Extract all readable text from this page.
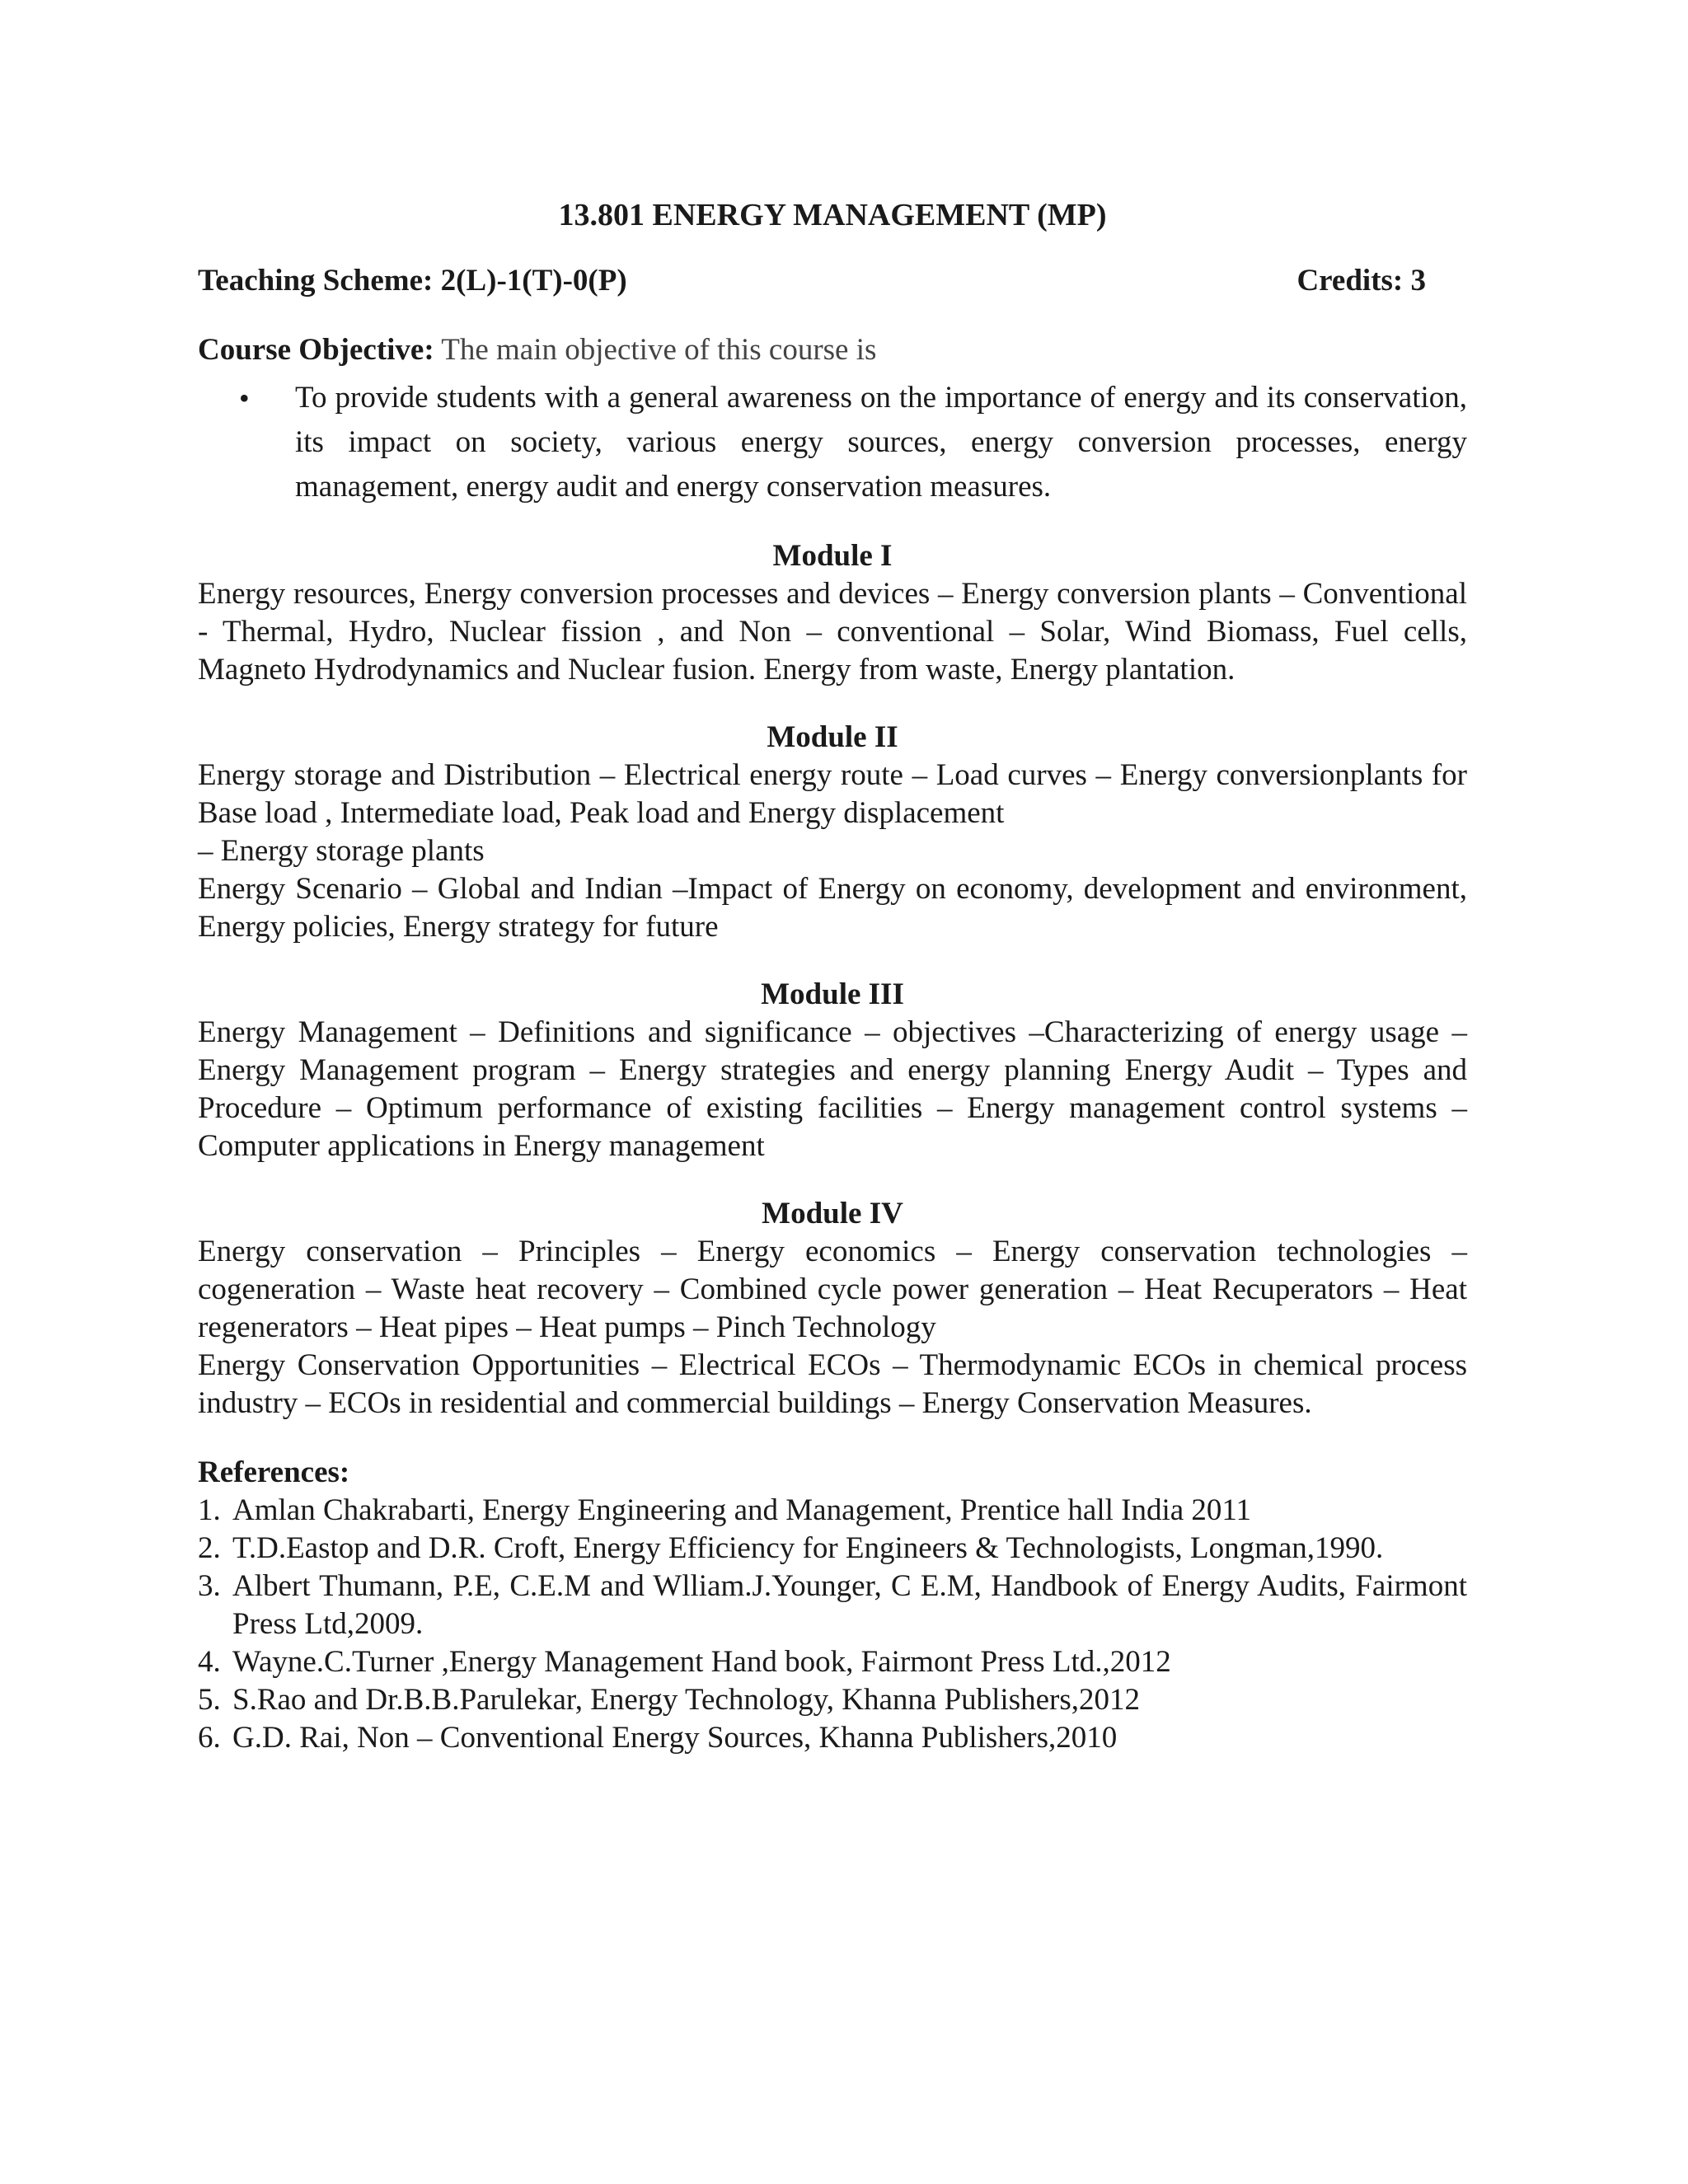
13.801 ENERGY MANAGEMENT (MP)
Teaching Scheme: 2(L)-1(T)-0(P)	Credits: 3

Course Objective: The main objective of this course is

• To provide students with a general awareness on the importance of energy and its conservation, its impact on society, various energy sources, energy conversion processes, energy management, energy audit and energy conservation measures.
Module I

Energy resources, Energy conversion processes and devices – Energy conversion plants – Conventional - Thermal, Hydro, Nuclear fission , and Non – conventional – Solar, Wind Biomass, Fuel cells, Magneto Hydrodynamics and Nuclear fusion. Energy from waste, Energy plantation.

Module II

Energy storage and Distribution – Electrical energy route – Load curves – Energy conversionplants for Base load , Intermediate load, Peak load and Energy displacement

– Energy storage plants

Energy Scenario – Global and Indian –Impact of Energy on economy, development and environment, Energy policies, Energy strategy for future

Module III

Energy Management – Definitions and significance – objectives –Characterizing of energy usage – Energy Management program – Energy strategies and energy planning Energy Audit – Types and Procedure – Optimum performance of existing facilities – Energy management control systems – Computer applications in Energy management

Module IV

Energy conservation – Principles – Energy economics – Energy conservation technologies – cogeneration – Waste heat recovery – Combined cycle power generation – Heat Recuperators – Heat regenerators – Heat pipes – Heat pumps – Pinch Technology

Energy Conservation Opportunities – Electrical ECOs – Thermodynamic ECOs in chemical process industry – ECOs in residential and commercial buildings – Energy Conservation Measures.

References:
1. Amlan Chakrabarti, Energy Engineering and Management, Prentice hall India 2011
2. T.D.Eastop and D.R. Croft, Energy Efficiency for Engineers & Technologists, Longman,1990.
3. Albert Thumann, P.E, C.E.M and Wlliam.J.Younger, C E.M, Handbook of Energy Audits, Fairmont Press Ltd,2009.
4. Wayne.C.Turner ,Energy Management Hand book, Fairmont Press Ltd.,2012
5. S.Rao and Dr.B.B.Parulekar, Energy Technology, Khanna Publishers,2012
6. G.D. Rai, Non – Conventional Energy Sources, Khanna Publishers,2010
